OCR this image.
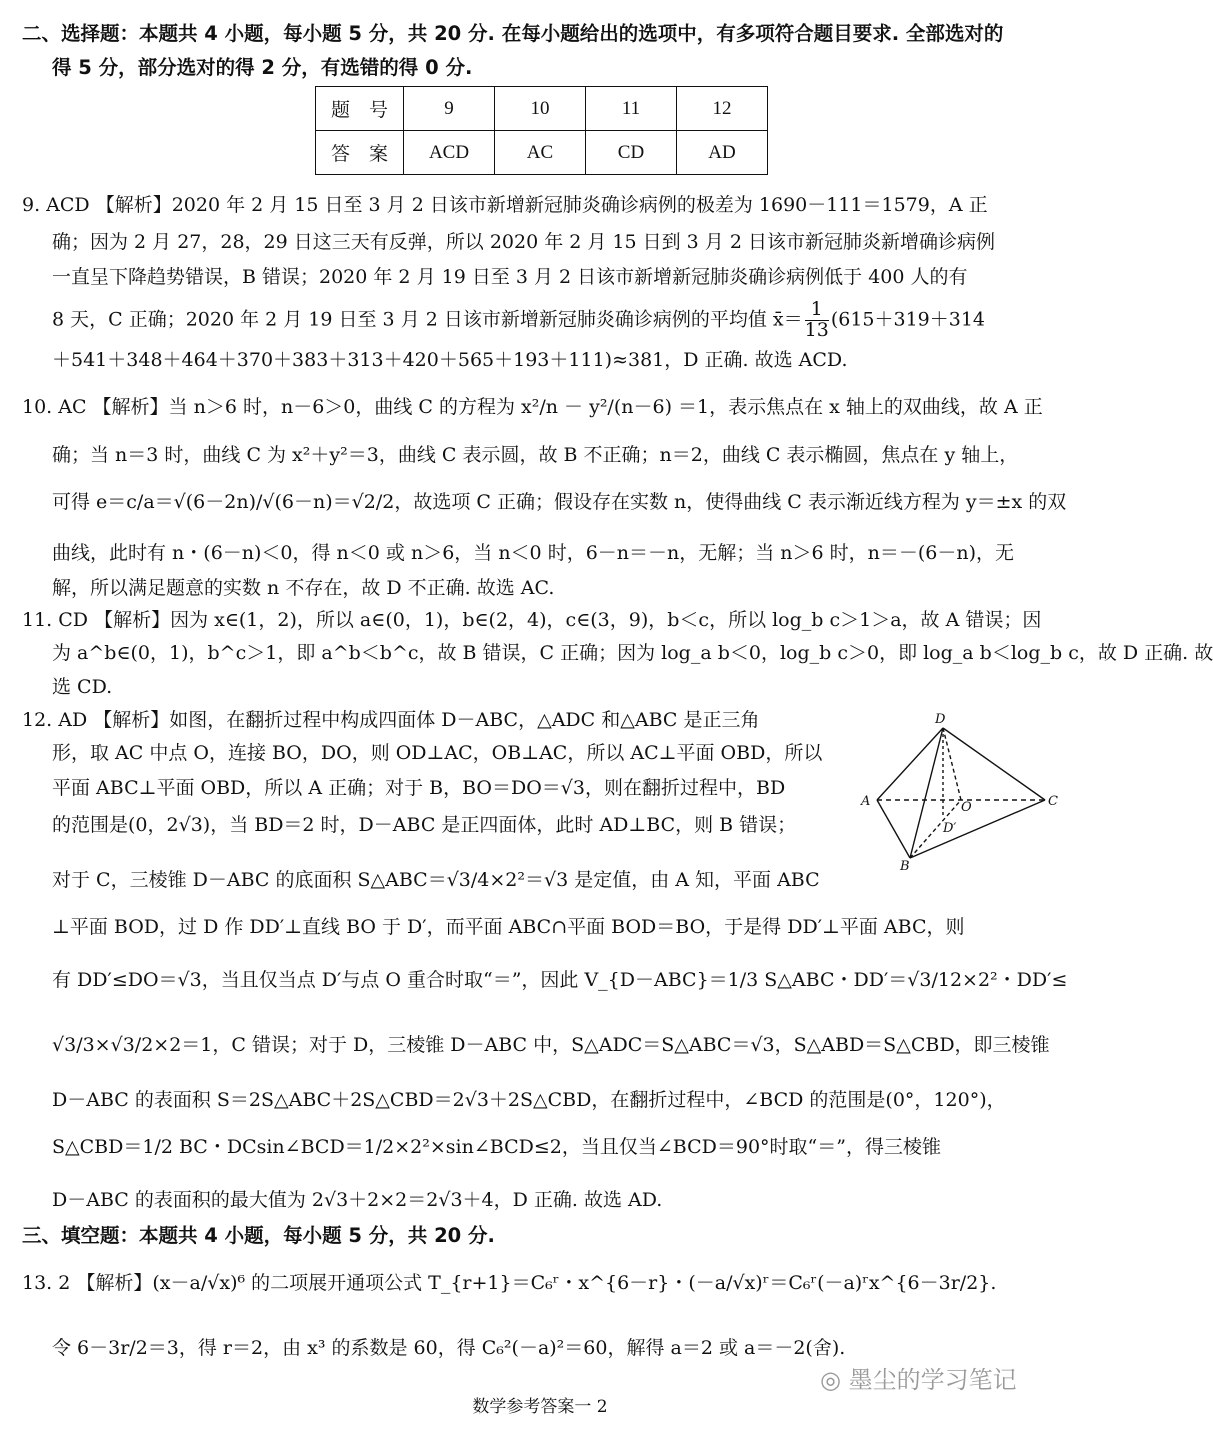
二、选择题：本题共 4 小题，每小题 5 分，共 20 分. 在每小题给出的选项中，有多项符合题目要求. 全部选对的
得 5 分，部分选对的得 2 分，有选错的得 0 分.
题　号	9	10	11	12
答　案	ACD	AC	CD	AD
9. ACD 【解析】2020 年 2 月 15 日至 3 月 2 日该市新增新冠肺炎确诊病例的极差为 1690－111＝1579，A 正
确；因为 2 月 27，28，29 日这三天有反弹，所以 2020 年 2 月 15 日到 3 月 2 日该市新冠肺炎新增确诊病例
一直呈下降趋势错误，B 错误；2020 年 2 月 19 日至 3 月 2 日该市新增新冠肺炎确诊病例低于 400 人的有
8 天，C 正确；2020 年 2 月 19 日至 3 月 2 日该市新增新冠肺炎确诊病例的平均值 x̄＝ $\frac{1}{13} (615+319+314$
＋541＋348＋464＋370＋383＋313＋420＋565＋193＋111)≈381，D 正确. 故选 ACD.
10. AC 【解析】当 n＞6 时，n－6＞0，曲线 C 的方程为 x²/n － y²/(n－6) ＝1，表示焦点在 x 轴上的双曲线，故 A 正
确；当 n＝3 时，曲线 C 为 x²＋y²＝3，曲线 C 表示圆，故 B 不正确；n＝2，曲线 C 表示椭圆，焦点在 y 轴上，
可得 e＝c/a＝√(6－2n)/√(6－n)＝√2/2，故选项 C 正确；假设存在实数 n，使得曲线 C 表示渐近线方程为 y＝±x 的双
曲线，此时有 n・(6－n)＜0，得 n＜0 或 n＞6，当 n＜0 时，6－n＝－n，无解；当 n＞6 时，n＝－(6－n)，无
解，所以满足题意的实数 n 不存在，故 D 不正确. 故选 AC.
11. CD 【解析】因为 x∈(1，2)，所以 a∈(0，1)，b∈(2，4)，c∈(3，9)，b＜c，所以 log_b c＞1＞a，故 A 错误；因
为 a^b∈(0，1)，b^c＞1，即 a^b＜b^c，故 B 错误，C 正确；因为 log_a b＜0，log_b c＞0，即 log_a b＜log_b c，故 D 正确. 故
选 CD.
12. AD 【解析】如图，在翻折过程中构成四面体 D－ABC，△ADC 和△ABC 是正三角
形，取 AC 中点 O，连接 BO，DO，则 OD⊥AC，OB⊥AC，所以 AC⊥平面 OBD，所以
平面 ABC⊥平面 OBD，所以 A 正确；对于 B，BO＝DO＝√3，则在翻折过程中，BD
的范围是(0，2√3)，当 BD＝2 时，D－ABC 是正四面体，此时 AD⊥BC，则 B 错误；
对于 C，三棱锥 D－ABC 的底面积 S△ABC＝√3/4×2²＝√3 是定值，由 A 知，平面 ABC
⊥平面 BOD，过 D 作 DD′⊥直线 BO 于 D′，而平面 ABC∩平面 BOD＝BO，于是得 DD′⊥平面 ABC，则
有 DD′≤DO＝√3，当且仅当点 D′与点 O 重合时取“＝”，因此 V_{D－ABC}＝1/3 S△ABC・DD′＝√3/12×2²・DD′≤
√3/3×√3/2×2＝1，C 错误；对于 D，三棱锥 D－ABC 中，S△ADC＝S△ABC＝√3，S△ABD＝S△CBD，即三棱锥
D－ABC 的表面积 S＝2S△ABC＋2S△CBD＝2√3＋2S△CBD，在翻折过程中，∠BCD 的范围是(0°，120°)，
S△CBD＝1/2 BC・DCsin∠BCD＝1/2×2²×sin∠BCD≤2，当且仅当∠BCD＝90°时取“＝”，得三棱锥
D－ABC 的表面积的最大值为 2√3＋2×2＝2√3＋4，D 正确. 故选 AD.
D
A	O	C
D′
B
三、填空题：本题共 4 小题，每小题 5 分，共 20 分.
13. 2 【解析】(x－a/√x)⁶ 的二项展开通项公式 T_{r+1}＝C₆ʳ・x^{6－r}・(－a/√x)ʳ＝C₆ʳ(－a)ʳx^{6－3r/2}.
令 6－3r/2＝3，得 r＝2，由 x³ 的系数是 60，得 C₆²(－a)²＝60，解得 a＝2 或 a＝－2(舍).
◎ 墨尘的学习笔记
数学参考答案一 2
